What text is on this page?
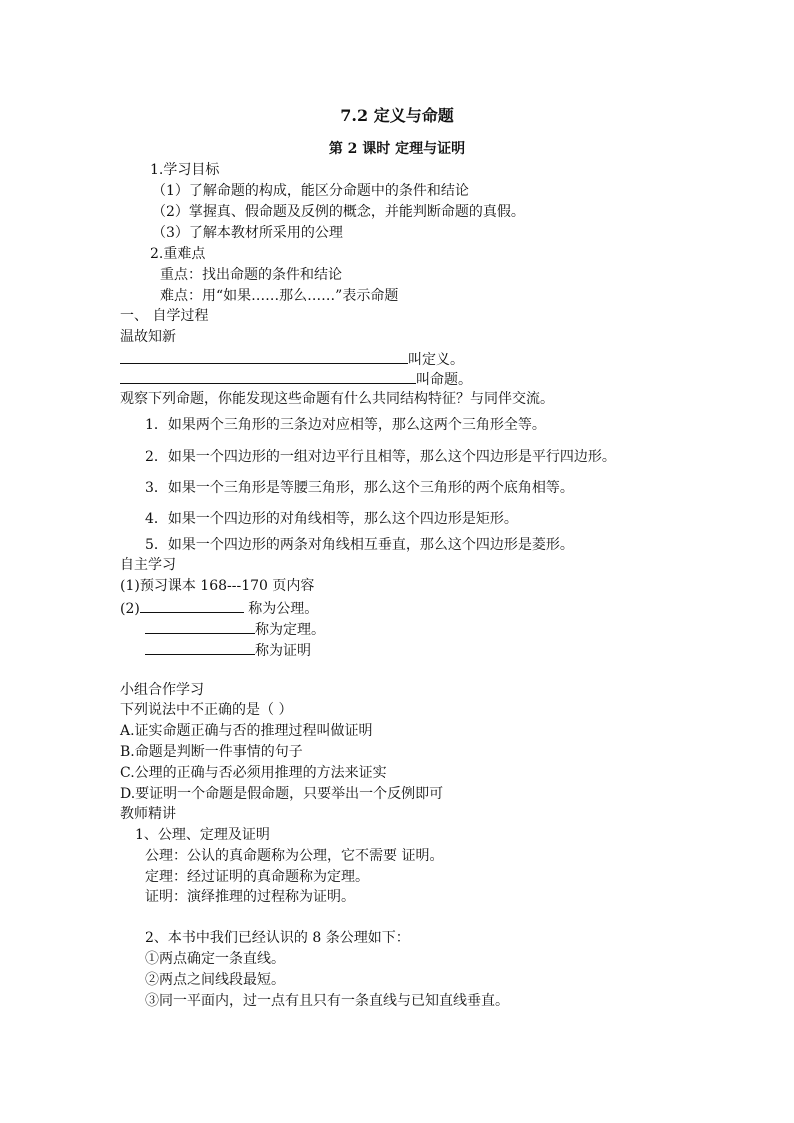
7.2 定义与命题
第 2 课时 定理与证明
1.学习目标
（1）了解命题的构成，能区分命题中的条件和结论
（2）掌握真、假命题及反例的概念，并能判断命题的真假。
（3）了解本教材所采用的公理
2.重难点
重点：找出命题的条件和结论
难点：用“如果……那么……”表示命题
一、 自学过程
温故知新
叫定义。
叫命题。
观察下列命题，你能发现这些命题有什么共同结构特征？与同伴交流。
1．如果两个三角形的三条边对应相等，那么这两个三角形全等。
2．如果一个四边形的一组对边平行且相等，那么这个四边形是平行四边形。
3．如果一个三角形是等腰三角形，那么这个三角形的两个底角相等。
4．如果一个四边形的对角线相等，那么这个四边形是矩形。
5．如果一个四边形的两条对角线相互垂直，那么这个四边形是菱形。
自主学习
(1)预习课本 168---170 页内容
(2)	称为公理。
称为定理。
称为证明
小组合作学习
下列说法中不正确的是（ ）
A.证实命题正确与否的推理过程叫做证明
B.命题是判断一件事情的句子
C.公理的正确与否必须用推理的方法来证实
D.要证明一个命题是假命题，只要举出一个反例即可
教师精讲
1、公理、定理及证明
公理：公认的真命题称为公理，它不需要 证明。
定理：经过证明的真命题称为定理。
证明：演绎推理的过程称为证明。
2、本书中我们已经认识的 8 条公理如下：
①两点确定一条直线。
②两点之间线段最短。
③同一平面内，过一点有且只有一条直线与已知直线垂直。
